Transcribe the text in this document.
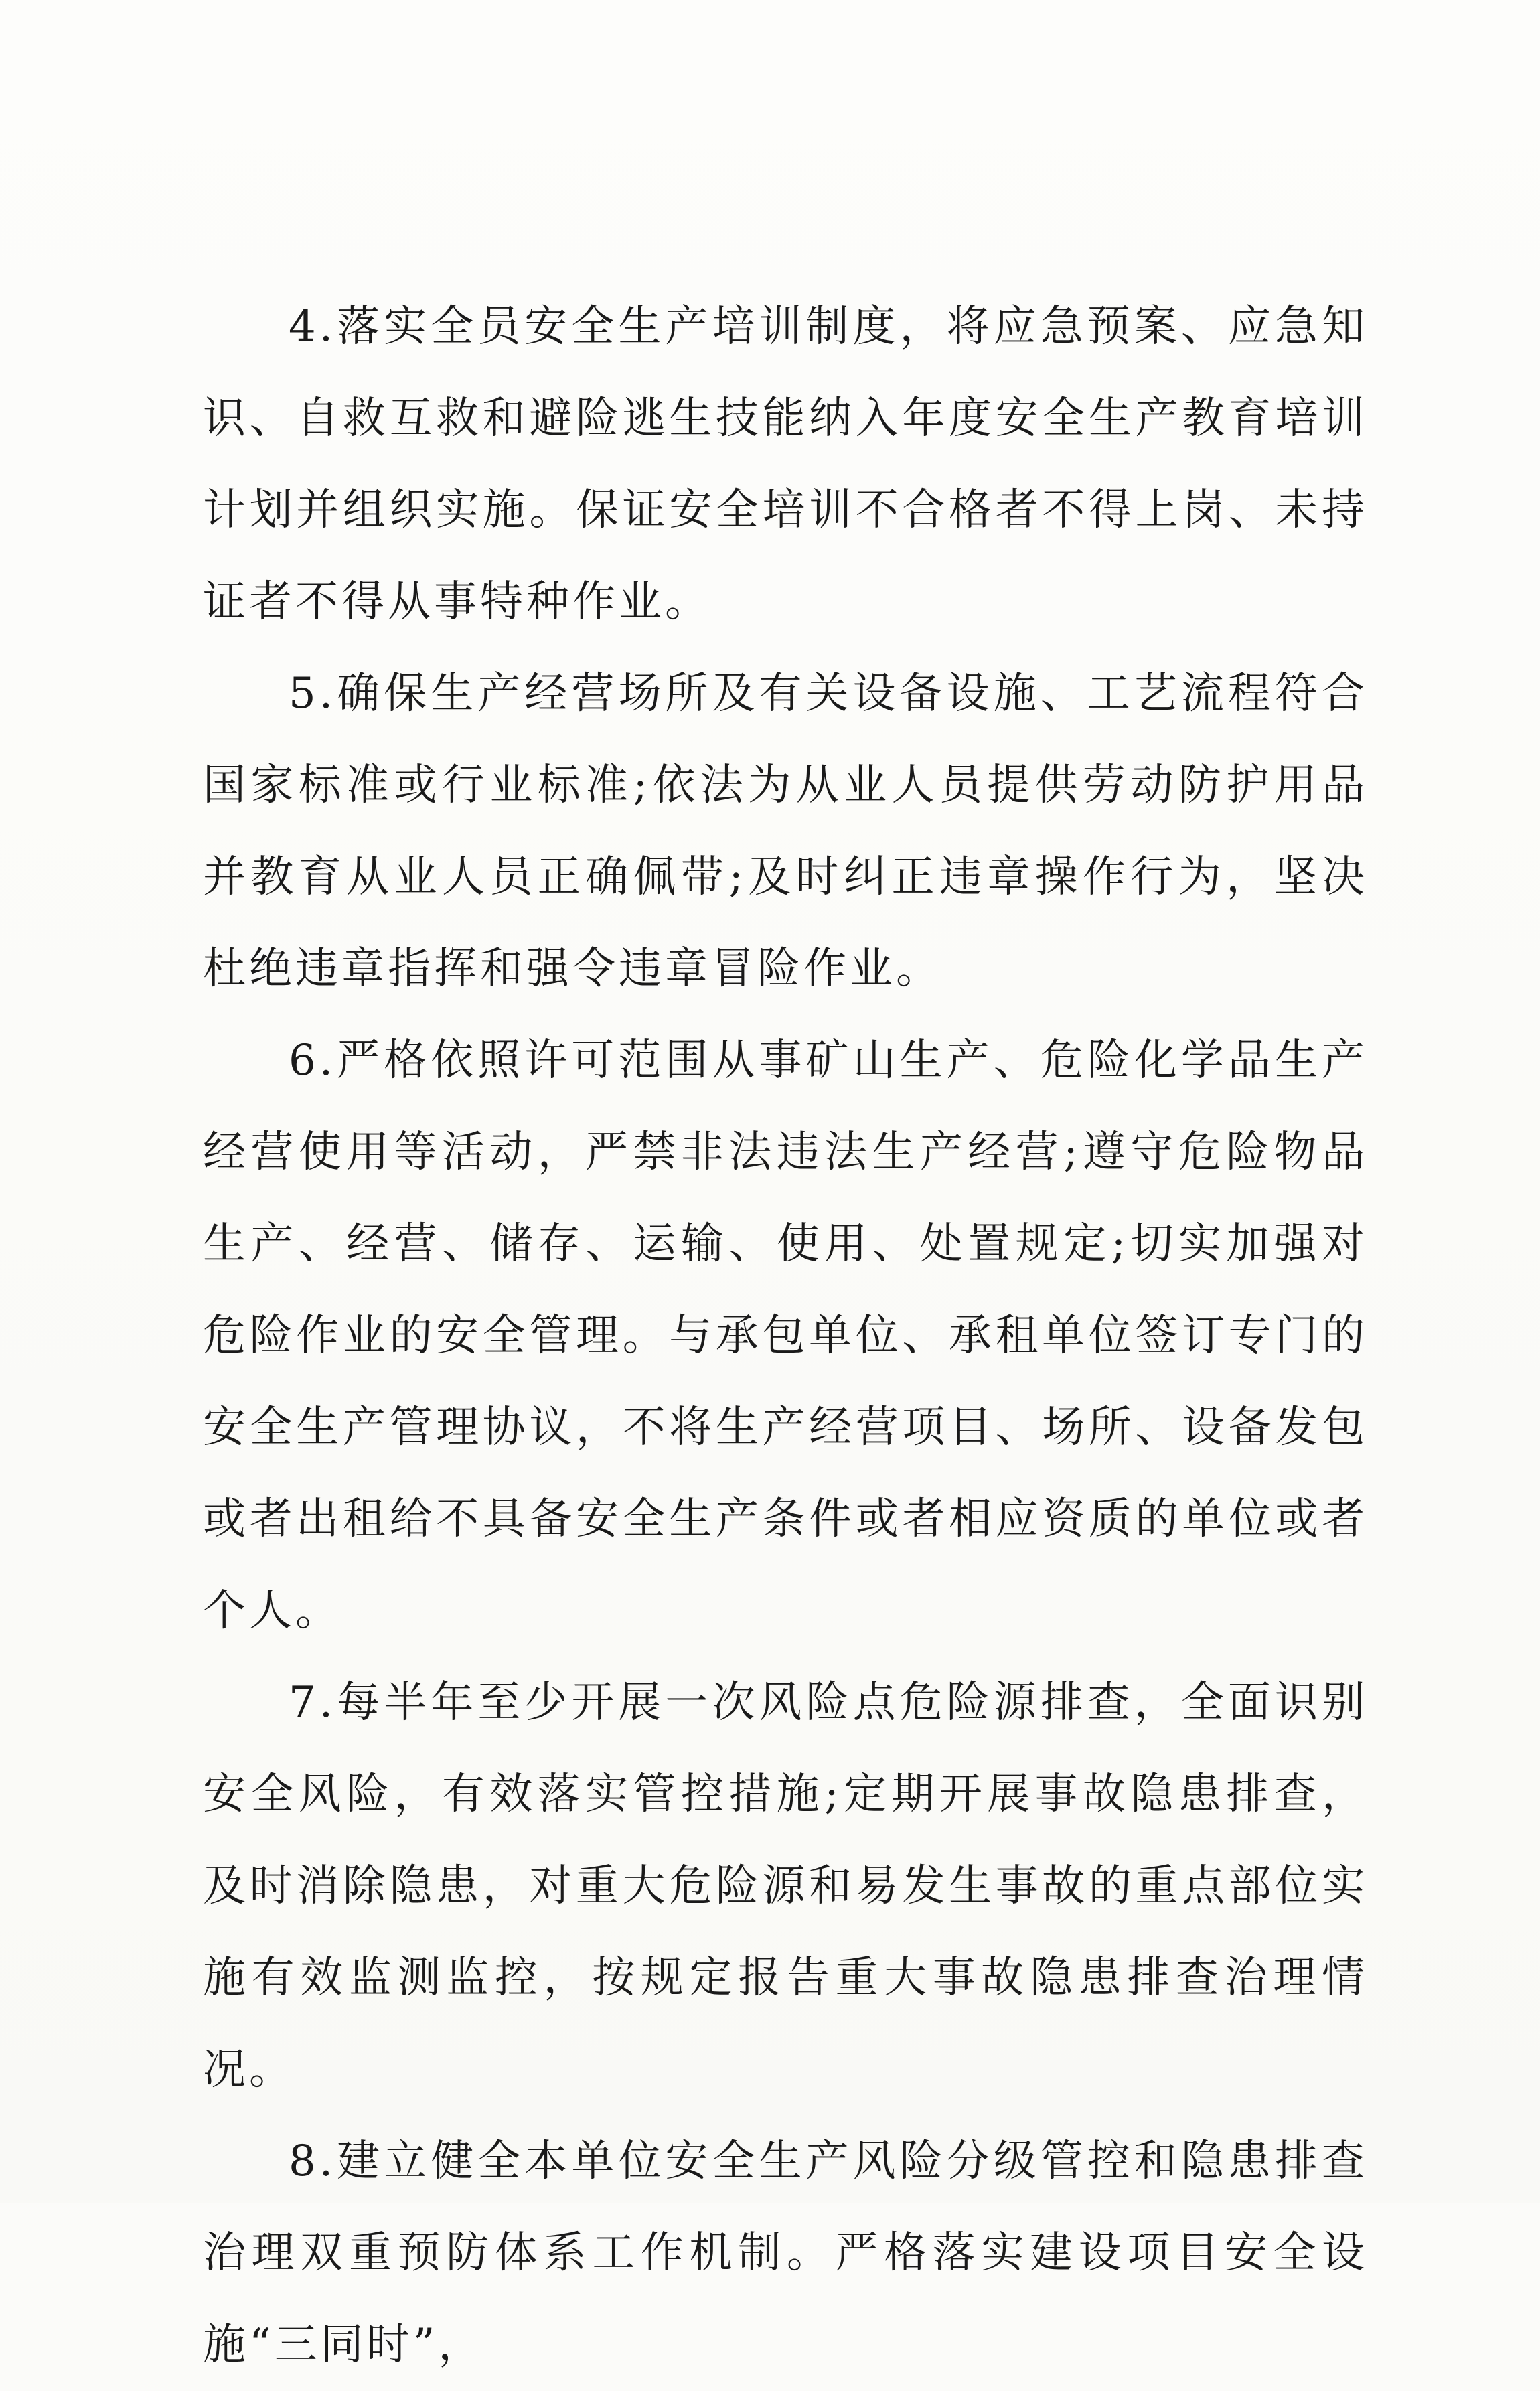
4.落实全员安全生产培训制度，将应急预案、应急知识、自救互救和避险逃生技能纳入年度安全生产教育培训计划并组织实施。保证安全培训不合格者不得上岗、未持证者不得从事特种作业。

5.确保生产经营场所及有关设备设施、工艺流程符合国家标准或行业标准;依法为从业人员提供劳动防护用品并教育从业人员正确佩带;及时纠正违章操作行为，坚决杜绝违章指挥和强令违章冒险作业。

6.严格依照许可范围从事矿山生产、危险化学品生产经营使用等活动，严禁非法违法生产经营;遵守危险物品生产、经营、储存、运输、使用、处置规定;切实加强对危险作业的安全管理。与承包单位、承租单位签订专门的安全生产管理协议，不将生产经营项目、场所、设备发包或者出租给不具备安全生产条件或者相应资质的单位或者个人。

7.每半年至少开展一次风险点危险源排查，全面识别安全风险，有效落实管控措施;定期开展事故隐患排查，及时消除隐患，对重大危险源和易发生事故的重点部位实施有效监测监控，按规定报告重大事故隐患排查治理情况。

8.建立健全本单位安全生产风险分级管控和隐患排查治理双重预防体系工作机制。严格落实建设项目安全设施“三同时”，
